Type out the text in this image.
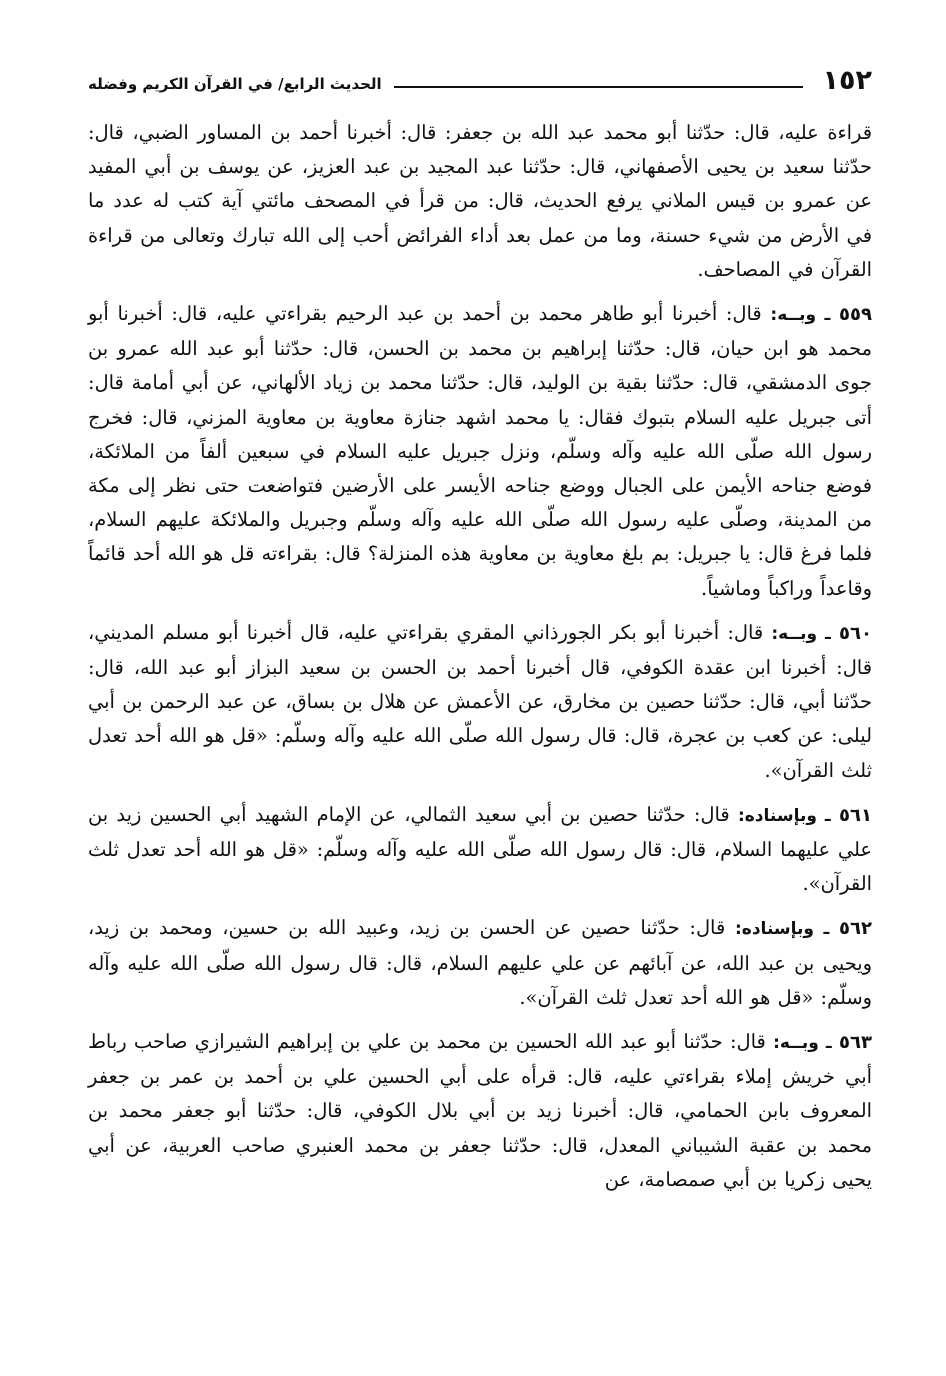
١٥٢
الحديث الرابع/ في القرآن الكريم وفضله

قراءة عليه، قال: حدّثنا أبو محمد عبد الله بن جعفر: قال: أخبرنا أحمد بن المساور الضبي، قال: حدّثنا سعيد بن يحيى الأصفهاني، قال: حدّثنا عبد المجيد بن عبد العزيز، عن يوسف بن أبي المفيد عن عمرو بن قيس الملاني يرفع الحديث، قال: من قرأ في المصحف مائتي آية كتب له عدد ما في الأرض من شيء حسنة، وما من عمل بعد أداء الفرائض أحب إلى الله تبارك وتعالى من قراءة القرآن في المصاحف.

٥٥٩ ـ وبــه: قال: أخبرنا أبو طاهر محمد بن أحمد بن عبد الرحيم بقراءتي عليه، قال: أخبرنا أبو محمد هو ابن حيان، قال: حدّثنا إبراهيم بن محمد بن الحسن، قال: حدّثنا أبو عبد الله عمرو بن جوى الدمشقي، قال: حدّثنا بقية بن الوليد، قال: حدّثنا محمد بن زياد الألهاني، عن أبي أمامة قال: أتى جبريل عليه السلام بتبوك فقال: يا محمد اشهد جنازة معاوية بن معاوية المزني، قال: فخرج رسول الله صلّى الله عليه وآله وسلّم، ونزل جبريل عليه السلام في سبعين ألفاً من الملائكة، فوضع جناحه الأيمن على الجبال ووضع جناحه الأيسر على الأرضين فتواضعت حتى نظر إلى مكة من المدينة، وصلّى عليه رسول الله صلّى الله عليه وآله وسلّم وجبريل والملائكة عليهم السلام، فلما فرغ قال: يا جبريل: بم بلغ معاوية بن معاوية هذه المنزلة؟ قال: بقراءته قل هو الله أحد قائماً وقاعداً وراكباً وماشياً.

٥٦٠ ـ وبــه: قال: أخبرنا أبو بكر الجورذاني المقري بقراءتي عليه، قال أخبرنا أبو مسلم المديني، قال: أخبرنا ابن عقدة الكوفي، قال أخبرنا أحمد بن الحسن بن سعيد البزاز أبو عبد الله، قال: حدّثنا أبي، قال: حدّثنا حصين بن مخارق، عن الأعمش عن هلال بن بساق، عن عبد الرحمن بن أبي ليلى: عن كعب بن عجرة، قال: قال رسول الله صلّى الله عليه وآله وسلّم: «قل هو الله أحد تعدل ثلث القرآن».

٥٦١ ـ وبإسناده: قال: حدّثنا حصين بن أبي سعيد الثمالي، عن الإمام الشهيد أبي الحسين زيد بن علي عليهما السلام، قال: قال رسول الله صلّى الله عليه وآله وسلّم: «قل هو الله أحد تعدل ثلث القرآن».

٥٦٢ ـ وبإسناده: قال: حدّثنا حصين عن الحسن بن زيد، وعبيد الله بن حسين، ومحمد بن زيد، ويحيى بن عبد الله، عن آبائهم عن علي عليهم السلام، قال: قال رسول الله صلّى الله عليه وآله وسلّم: «قل هو الله أحد تعدل ثلث القرآن».

٥٦٣ ـ وبــه: قال: حدّثنا أبو عبد الله الحسين بن محمد بن علي بن إبراهيم الشيرازي صاحب رباط أبي خريش إملاء بقراءتي عليه، قال: قرأه على أبي الحسين علي بن أحمد بن عمر بن جعفر المعروف بابن الحمامي، قال: أخبرنا زيد بن أبي بلال الكوفي، قال: حدّثنا أبو جعفر محمد بن محمد بن عقبة الشيباني المعدل، قال: حدّثنا جعفر بن محمد العنبري صاحب العربية، عن أبي يحيى زكريا بن أبي صمصامة، عن
